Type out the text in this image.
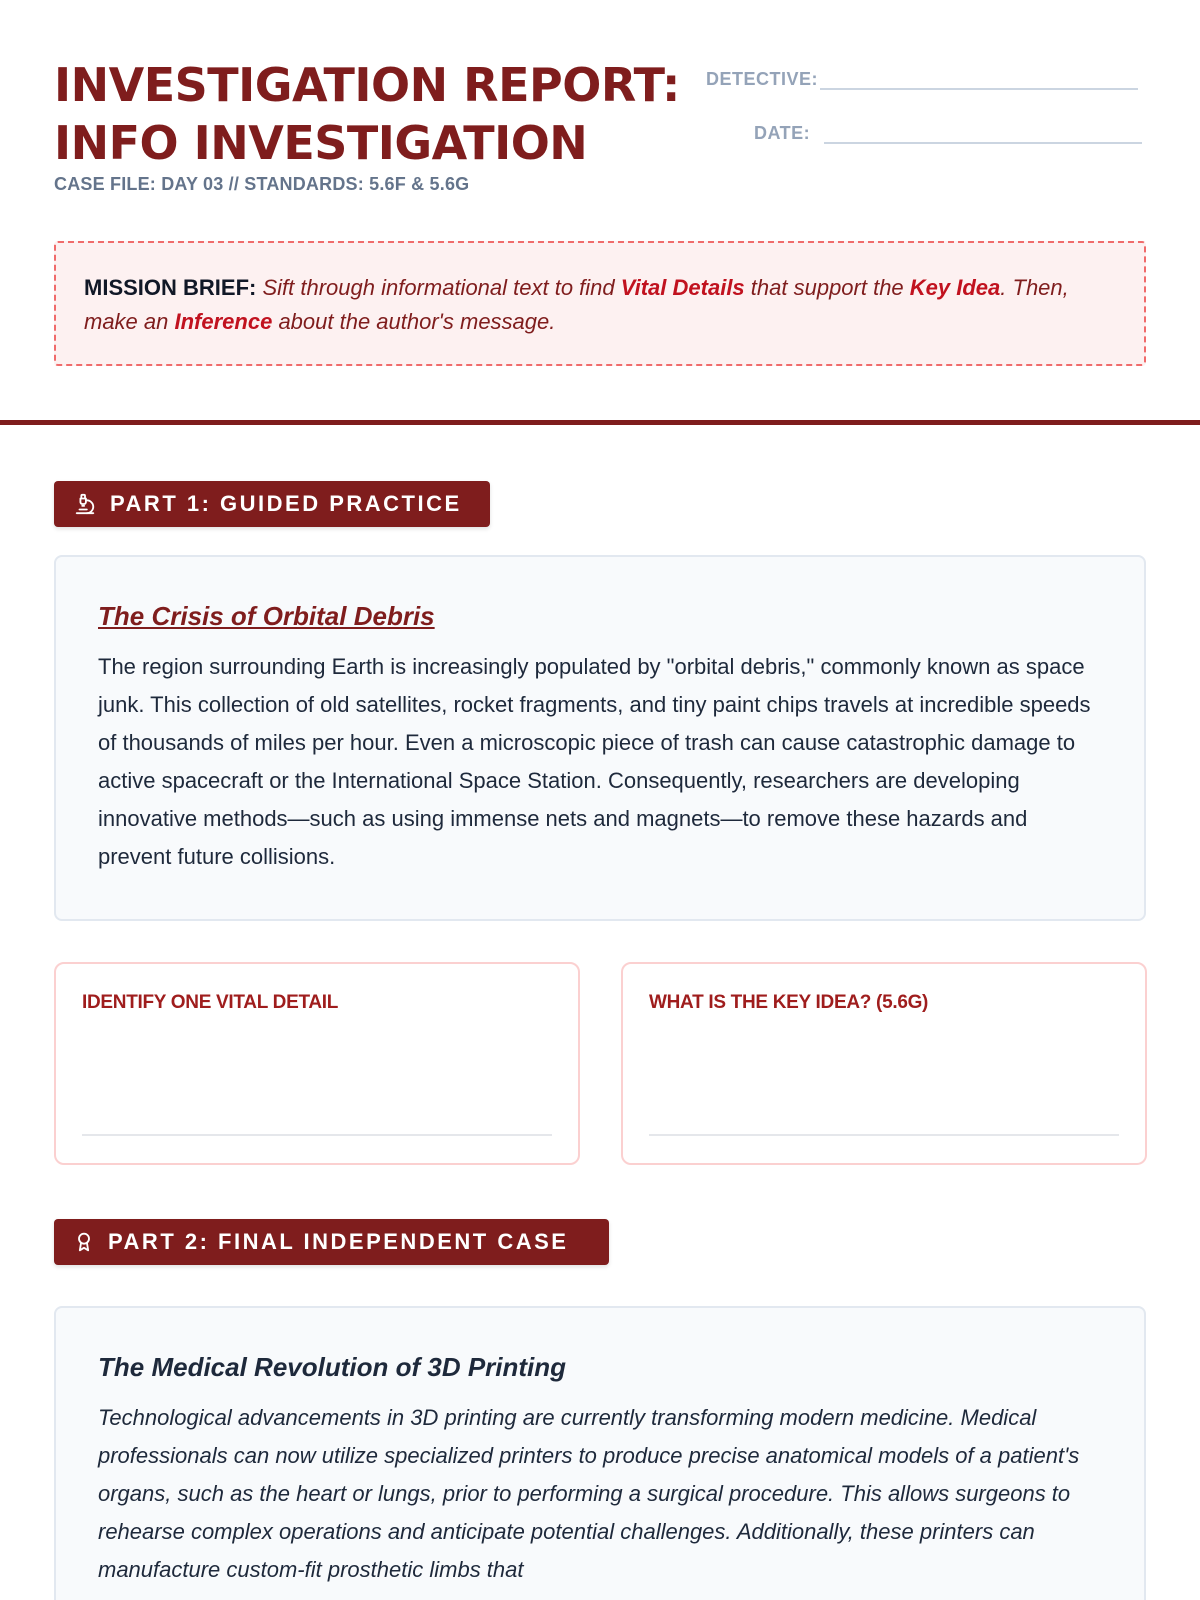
INVESTIGATION REPORT:
INFO INVESTIGATION
CASE FILE: DAY 03 // STANDARDS: 5.6F & 5.6G
DETECTIVE:
DATE:
MISSION BRIEF: Sift through informational text to find Vital Details that support the Key Idea. Then, make an Inference about the author's message.
PART 1: GUIDED PRACTICE
The Crisis of Orbital Debris
The region surrounding Earth is increasingly populated by "orbital debris," commonly known as space junk. This collection of old satellites, rocket fragments, and tiny paint chips travels at incredible speeds of thousands of miles per hour. Even a microscopic piece of trash can cause catastrophic damage to active spacecraft or the International Space Station. Consequently, researchers are developing innovative methods—such as using immense nets and magnets—to remove these hazards and prevent future collisions.
IDENTIFY ONE VITAL DETAIL	WHAT IS THE KEY IDEA? (5.6G)
PART 2: FINAL INDEPENDENT CASE
The Medical Revolution of 3D Printing
Technological advancements in 3D printing are currently transforming modern medicine. Medical professionals can now utilize specialized printers to produce precise anatomical models of a patient's organs, such as the heart or lungs, prior to performing a surgical procedure. This allows surgeons to rehearse complex operations and anticipate potential challenges. Additionally, these printers can manufacture custom-fit prosthetic limbs that
